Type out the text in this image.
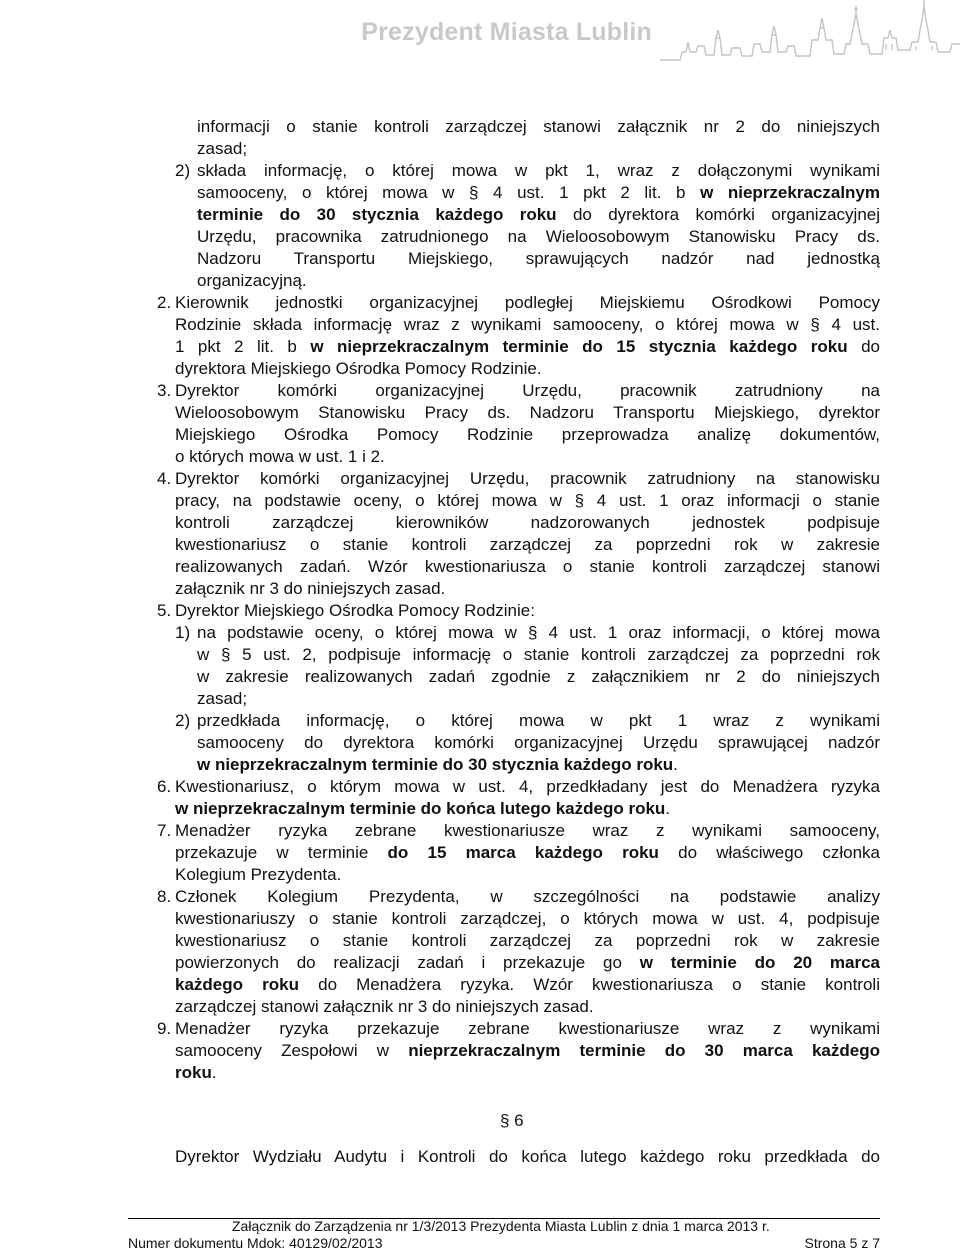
Prezydent Miasta Lublin
informacji o stanie kontroli zarządczej stanowi załącznik nr 2 do niniejszych
zasad;
2) składa informację, o której mowa w pkt 1, wraz z dołączonymi wynikami
samooceny, o której mowa w § 4 ust. 1 pkt 2 lit. b w nieprzekraczalnym
terminie do 30 stycznia każdego roku do dyrektora komórki organizacyjnej
Urzędu, pracownika zatrudnionego na Wieloosobowym Stanowisku Pracy ds.
Nadzoru Transportu Miejskiego, sprawujących nadzór nad jednostką
organizacyjną.
2. Kierownik jednostki organizacyjnej podległej Miejskiemu Ośrodkowi Pomocy
Rodzinie składa informację wraz z wynikami samooceny, o której mowa w § 4 ust.
1 pkt 2 lit. b w nieprzekraczalnym terminie do 15 stycznia każdego roku do
dyrektora Miejskiego Ośrodka Pomocy Rodzinie.
3. Dyrektor komórki organizacyjnej Urzędu, pracownik zatrudniony na
Wieloosobowym Stanowisku Pracy ds. Nadzoru Transportu Miejskiego, dyrektor
Miejskiego Ośrodka Pomocy Rodzinie przeprowadza analizę dokumentów,
o których mowa w ust. 1 i 2.
4. Dyrektor komórki organizacyjnej Urzędu, pracownik zatrudniony na stanowisku
pracy, na podstawie oceny, o której mowa w § 4 ust. 1 oraz informacji o stanie
kontroli zarządczej kierowników nadzorowanych jednostek podpisuje
kwestionariusz o stanie kontroli zarządczej za poprzedni rok w zakresie
realizowanych zadań. Wzór kwestionariusza o stanie kontroli zarządczej stanowi
załącznik nr 3 do niniejszych zasad.
5. Dyrektor Miejskiego Ośrodka Pomocy Rodzinie:
1) na podstawie oceny, o której mowa w § 4 ust. 1 oraz informacji, o której mowa
w § 5 ust. 2, podpisuje informację o stanie kontroli zarządczej za poprzedni rok
w zakresie realizowanych zadań zgodnie z załącznikiem nr 2 do niniejszych
zasad;
2) przedkłada informację, o której mowa w pkt 1 wraz z wynikami
samooceny do dyrektora komórki organizacyjnej Urzędu sprawującej nadzór
w nieprzekraczalnym terminie do 30 stycznia każdego roku.
6. Kwestionariusz, o którym mowa w ust. 4, przedkładany jest do Menadżera ryzyka
w nieprzekraczalnym terminie do końca lutego każdego roku.
7. Menadżer ryzyka zebrane kwestionariusze wraz z wynikami samooceny,
przekazuje w terminie do 15 marca każdego roku do właściwego członka
Kolegium Prezydenta.
8. Członek Kolegium Prezydenta, w szczególności na podstawie analizy
kwestionariuszy o stanie kontroli zarządczej, o których mowa w ust. 4, podpisuje
kwestionariusz o stanie kontroli zarządczej za poprzedni rok w zakresie
powierzonych do realizacji zadań i przekazuje go w terminie do 20 marca
każdego roku do Menadżera ryzyka. Wzór kwestionariusza o stanie kontroli
zarządczej stanowi załącznik nr 3 do niniejszych zasad.
9. Menadżer ryzyka przekazuje zebrane kwestionariusze wraz z wynikami
samooceny Zespołowi w nieprzekraczalnym terminie do 30 marca każdego
roku.
§ 6
Dyrektor Wydziału Audytu i Kontroli do końca lutego każdego roku przedkłada do
Załącznik do Zarządzenia nr 1/3/2013 Prezydenta Miasta Lublin z dnia 1 marca 2013 r.
Numer dokumentu Mdok: 40129/02/2013	Strona 5 z 7
